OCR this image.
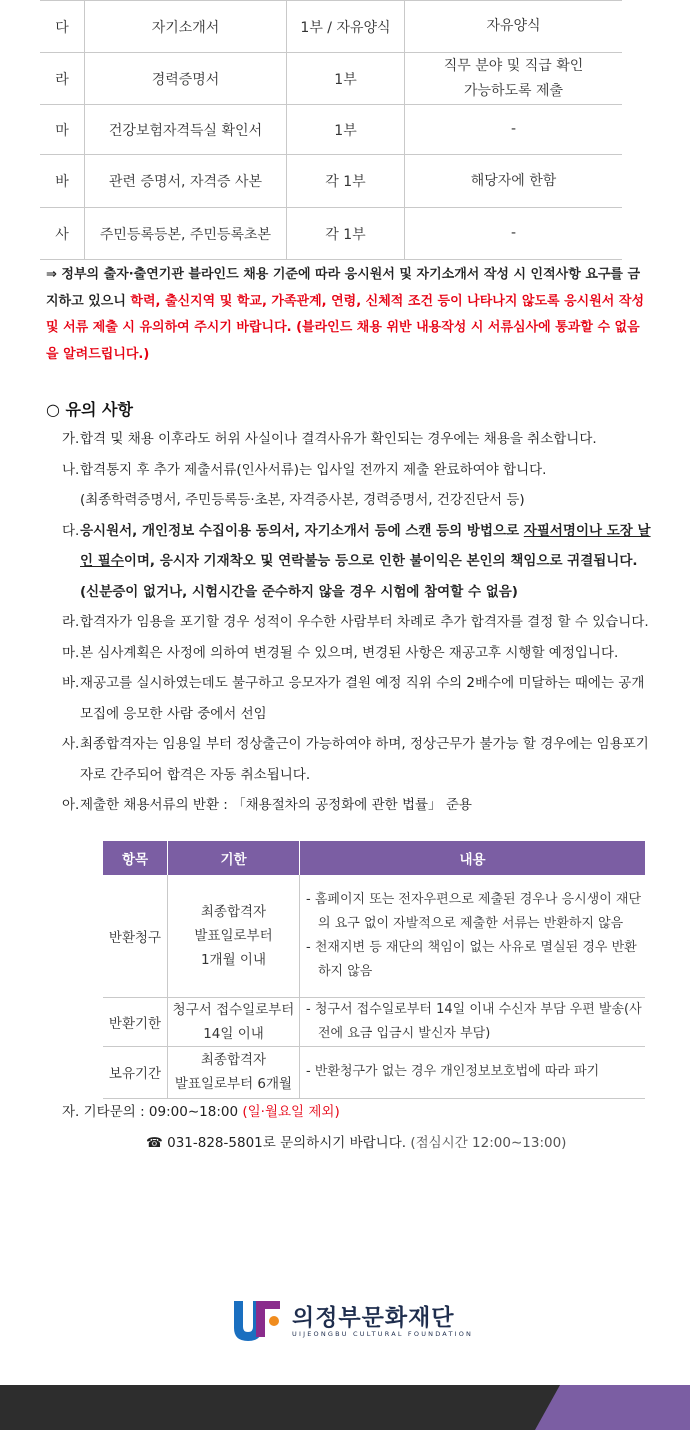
다	자기소개서	1부 / 자유양식	자유양식

라	경력증명서	1부	직무 분야 및 직급 확인
가능하도록 제출

마	건강보험자격득실 확인서	1부	-

바	관련 증명서, 자격증 사본	각 1부	해당자에 한함

사	주민등록등본, 주민등록초본	각 1부	-
⇒ 정부의 출자·출연기관 블라인드 채용 기준에 따라 응시원서 및 자기소개서 작성 시 인적사항 요구를 금지하고 있으니 학력, 출신지역 및 학교, 가족관계, 연령, 신체적 조건 등이 나타나지 않도록 응시원서 작성 및 서류 제출 시 유의하여 주시기 바랍니다. (블라인드 채용 위반 내용작성 시 서류심사에 통과할 수 없음을 알려드립니다.)
○ 유의 사항
가. 합격 및 채용 이후라도 허위 사실이나 결격사유가 확인되는 경우에는 채용을 취소합니다.
나. 합격통지 후 추가 제출서류(인사서류)는 입사일 전까지 제출 완료하여야 합니다.
(최종학력증명서, 주민등록등·초본, 자격증사본, 경력증명서, 건강진단서 등)
다. 응시원서, 개인정보 수집이용 동의서, 자기소개서 등에 스캔 등의 방법으로 자필서명이나 도장 날인 필수이며, 응시자 기재착오 및 연락불능 등으로 인한 불이익은 본인의 책임으로 귀결됩니다. (신분증이 없거나, 시험시간을 준수하지 않을 경우 시험에 참여할 수 없음)
라. 합격자가 임용을 포기할 경우 성적이 우수한 사람부터 차례로 추가 합격자를 결정 할 수 있습니다.
마. 본 심사계획은 사정에 의하여 변경될 수 있으며, 변경된 사항은 재공고후 시행할 예정입니다.
바. 재공고를 실시하였는데도 불구하고 응모자가 결원 예정 직위 수의 2배수에 미달하는 때에는 공개모집에 응모한 사람 중에서 선임
사. 최종합격자는 임용일 부터 정상출근이 가능하여야 하며, 정상근무가 불가능 할 경우에는 임용포기자로 간주되어 합격은 자동 취소됩니다.
아. 제출한 채용서류의 반환 : 「채용절차의 공정화에 관한 법률」 준용
항목	기한	내용
반환청구	최종합격자
발표일로부터
1개월 이내	- 홈페이지 또는 전자우편으로 제출된 경우나 응시생이 재단의 요구 없이 자발적으로 제출한 서류는 반환하지 않음
- 천재지변 등 재단의 책임이 없는 사유로 멸실된 경우 반환하지 않음

반환기한	청구서 접수일로부터
14일 이내	- 청구서 접수일로부터 14일 이내 수신자 부담 우편 발송(사전에 요금 입금시 발신자 부담)

보유기간	최종합격자
발표일로부터 6개월	- 반환청구가 없는 경우 개인정보보호법에 따라 파기
자. 기타문의 : 09:00∼18:00 (일·월요일 제외)
☎ 031-828-5801로 문의하시기 바랍니다. (점심시간 12:00∼13:00)
의정부문화재단
UIJEONGBU CULTURAL FOUNDATION
